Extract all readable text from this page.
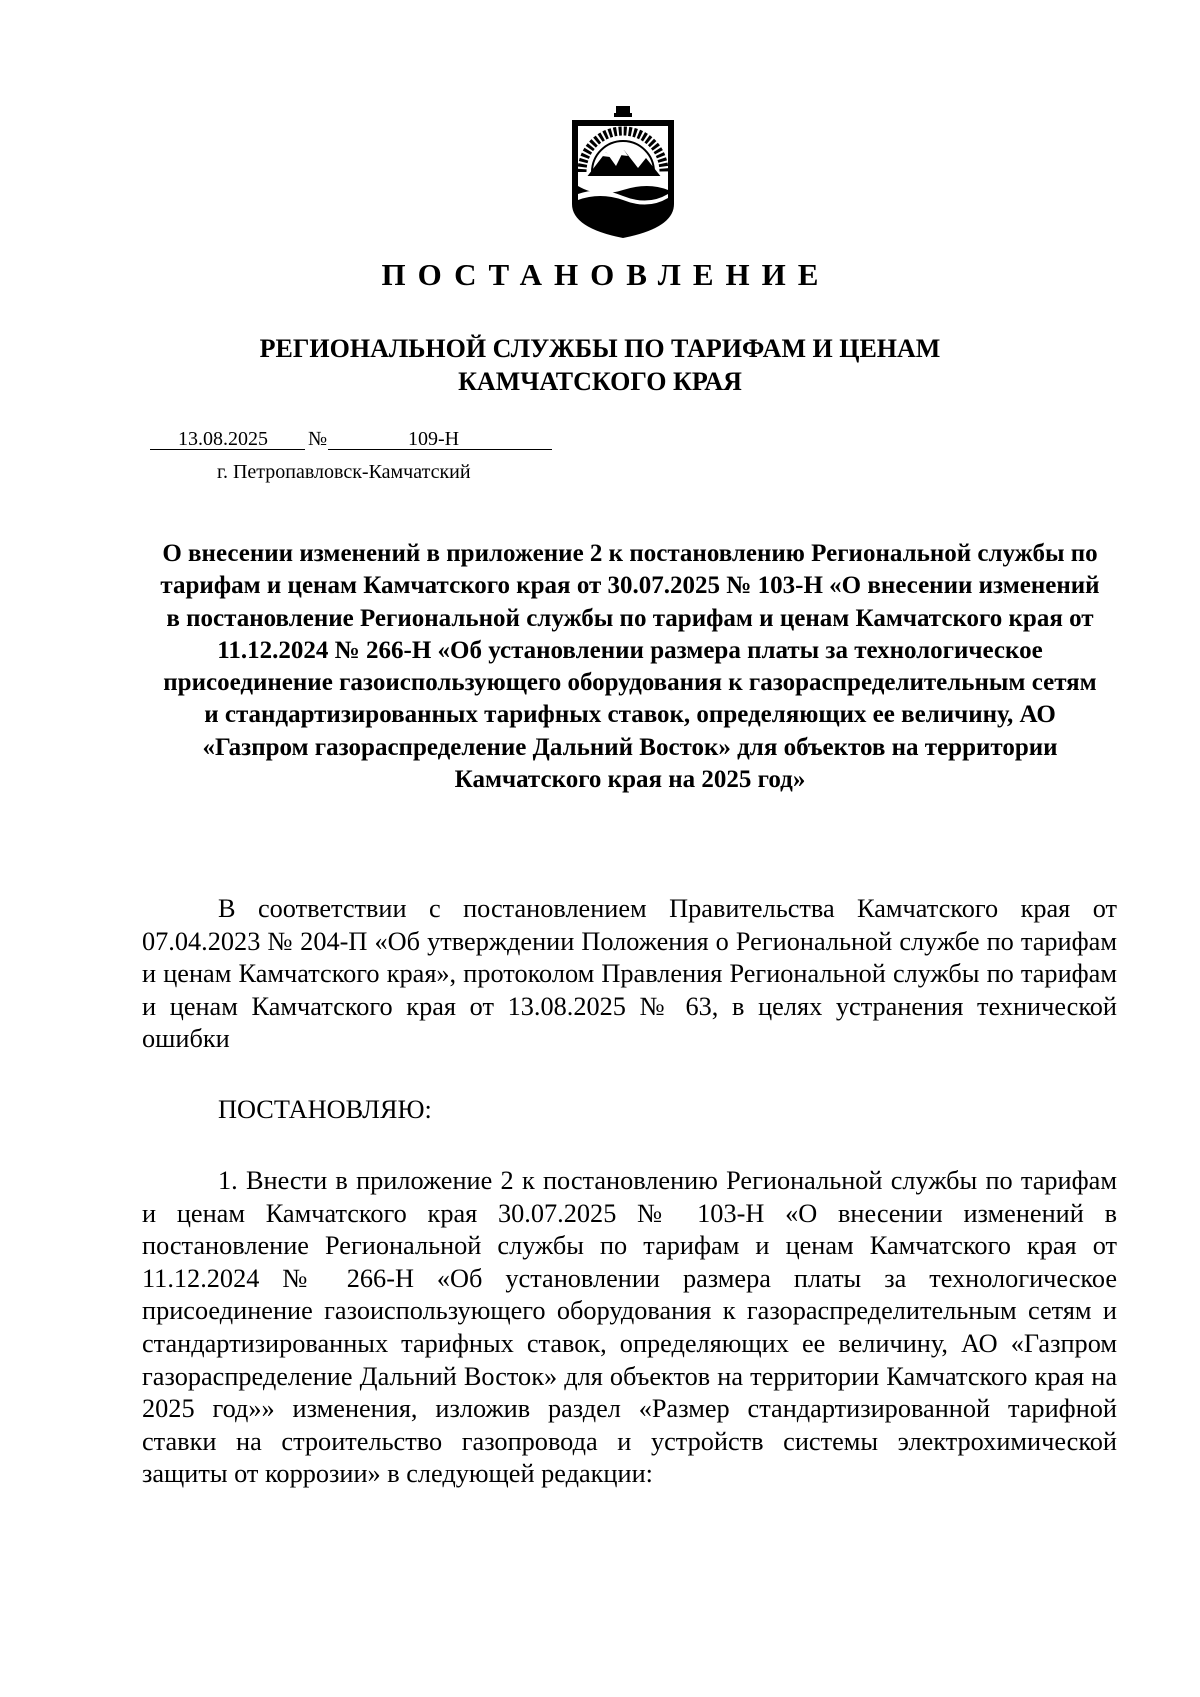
ПОСТАНОВЛЕНИЕ
РЕГИОНАЛЬНОЙ СЛУЖБЫ ПО ТАРИФАМ И ЦЕНАМ
КАМЧАТСКОГО КРАЯ
13.08.2025 №	109-Н
г. Петропавловск-Камчатский
О внесении изменений в приложение 2 к постановлению Региональной службы по тарифам и ценам Камчатского края от 30.07.2025 № 103-Н «О внесении изменений в постановление Региональной службы по тарифам и ценам Камчатского края от 11.12.2024 № 266-Н «Об установлении размера платы за технологическое присоединение газоиспользующего оборудования к газораспределительным сетям и стандартизированных тарифных ставок, определяющих ее величину, АО «Газпром газораспределение Дальний Восток» для объектов на территории Камчатского края на 2025 год»
В соответствии с постановлением Правительства Камчатского края от 07.04.2023 № 204-П «Об утверждении Положения о Региональной службе по тарифам и ценам Камчатского края», протоколом Правления Региональной службы по тарифам и ценам Камчатского края от 13.08.2025 № 63, в целях устранения технической ошибки
ПОСТАНОВЛЯЮ:
1. Внести в приложение 2 к постановлению Региональной службы по тарифам и ценам Камчатского края 30.07.2025 № 103-Н «О внесении изменений в постановление Региональной службы по тарифам и ценам Камчатского края от 11.12.2024 № 266-Н «Об установлении размера платы за технологическое присоединение газоиспользующего оборудования к газораспределительным сетям и стандартизированных тарифных ставок, определяющих ее величину, АО «Газпром газораспределение Дальний Восток» для объектов на территории Камчатского края на 2025 год»» изменения, изложив раздел «Размер стандартизированной тарифной ставки на строительство газопровода и устройств системы электрохимической защиты от коррозии» в следующей редакции:
